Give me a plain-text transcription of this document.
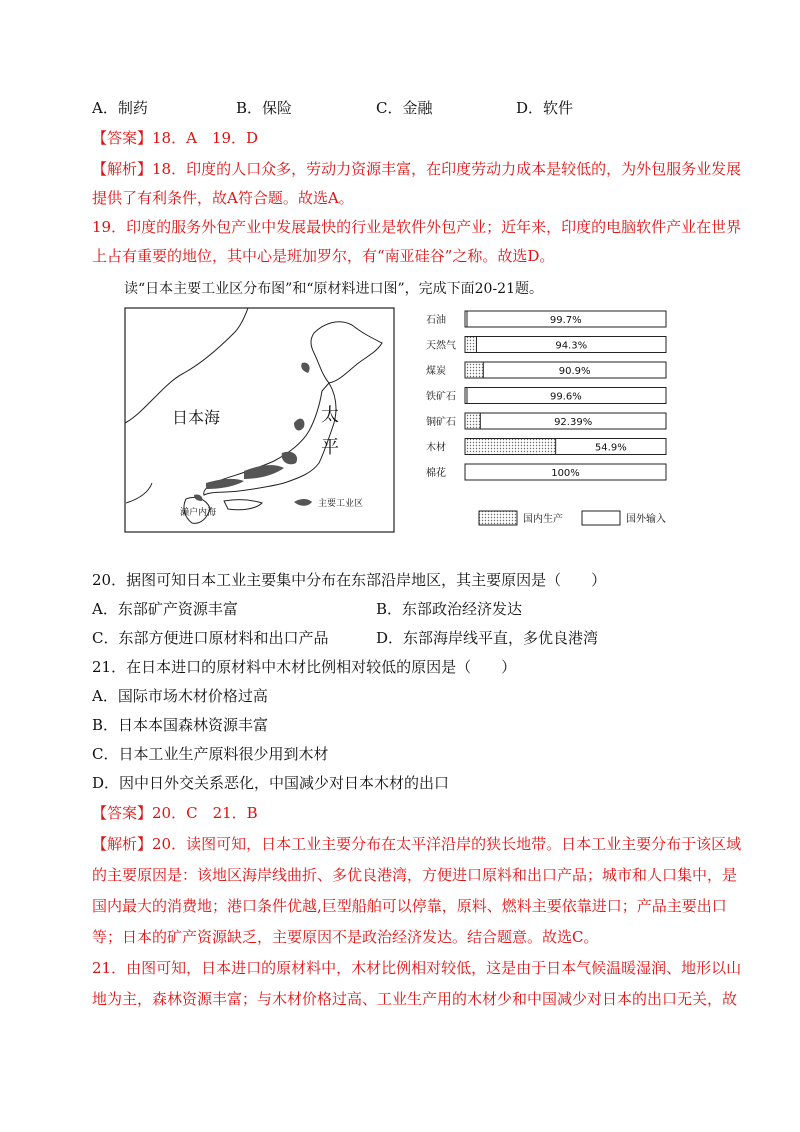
A．制药	B．保险	C．金融	D．软件
【答案】18．A　19．D
【解析】18．印度的人口众多，劳动力资源丰富，在印度劳动力成本是较低的，为外包服务业发展
提供了有利条件，故A符合题。故选A。
19．印度的服务外包产业中发展最快的行业是软件外包产业；近年来，印度的电脑软件产业在世界
上占有重要的地位，其中心是班加罗尔，有“南亚硅谷”之称。故选D。
读“日本主要工业区分布图”和“原材料进口图”，完成下面20-21题。
日本海	太
平
濑户内海
主要工业区
石油	99.7%
天然气	94.3%
煤炭	90.9%
铁矿石	99.6%
铜矿石	92.39%
木材	54.9%
棉花	100%
国内生产	国外输入
20．据图可知日本工业主要集中分布在东部沿岸地区，其主要原因是（　　）
A．东部矿产资源丰富	B．东部政治经济发达
C．东部方便进口原材料和出口产品	D．东部海岸线平直，多优良港湾
21．在日本进口的原材料中木材比例相对较低的原因是（　　）
A．国际市场木材价格过高
B．日本本国森林资源丰富
C．日本工业生产原料很少用到木材
D．因中日外交关系恶化，中国减少对日本木材的出口
【答案】20．C　21．B
【解析】20．读图可知，日本工业主要分布在太平洋沿岸的狭长地带。日本工业主要分布于该区域
的主要原因是：该地区海岸线曲折、多优良港湾，方便进口原料和出口产品；城市和人口集中，是
国内最大的消费地；港口条件优越,巨型船舶可以停靠，原料、燃料主要依靠进口；产品主要出口
等；日本的矿产资源缺乏，主要原因不是政治经济发达。结合题意。故选C。
21．由图可知，日本进口的原材料中，木材比例相对较低，这是由于日本气候温暖湿润、地形以山
地为主，森林资源丰富；与木材价格过高、工业生产用的木材少和中国减少对日本的出口无关，故
